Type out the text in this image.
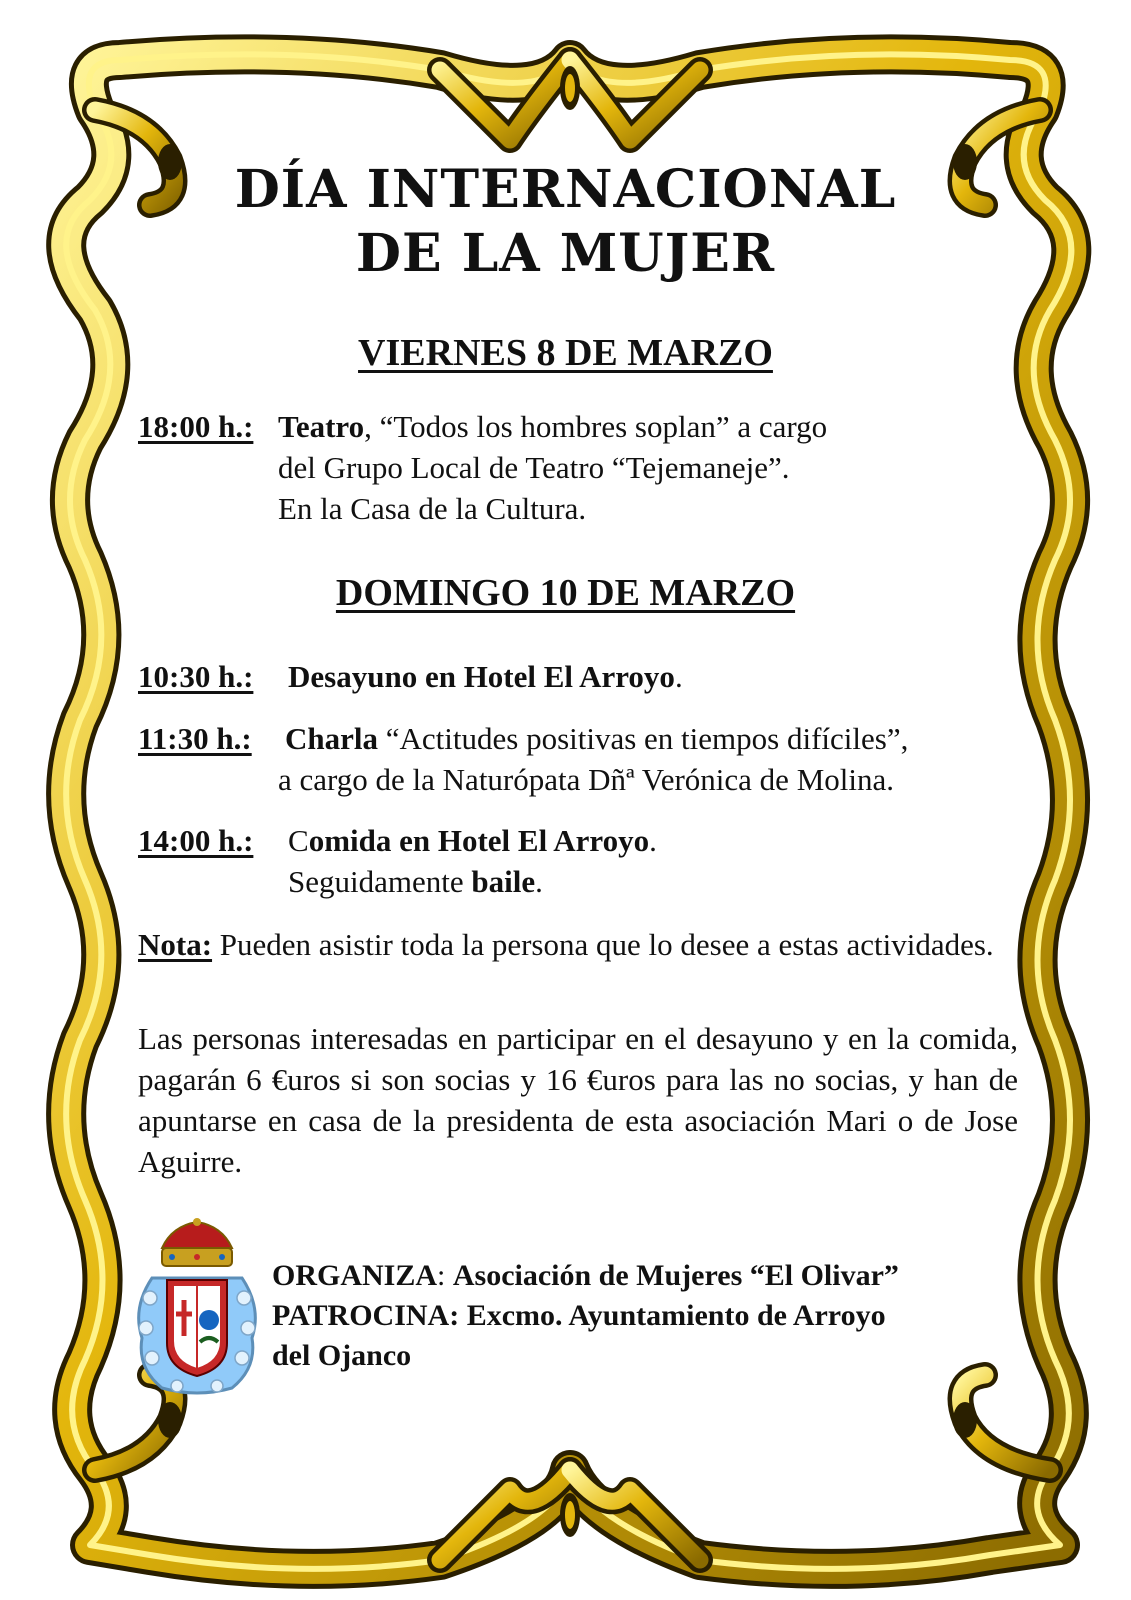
DÍA INTERNACIONAL
DE LA MUJER
VIERNES 8 DE MARZO
18:00 h.: Teatro, “Todos los hombres soplan” a cargo
del Grupo Local de Teatro “Tejemaneje”.
En la Casa de la Cultura.
DOMINGO 10 DE MARZO
10:30 h.: Desayuno en Hotel El Arroyo.
11:30 h.: Charla “Actitudes positivas en tiempos difíciles”,
a cargo de la Naturópata Dñª Verónica de Molina.
14:00 h.: Comida en Hotel El Arroyo.
Seguidamente baile.
Nota: Pueden asistir toda la persona que lo desee a estas actividades.
Las personas interesadas en participar en el desayuno y en la comida, pagarán 6 €uros si son socias y 16 €uros para las no socias, y han de apuntarse en casa de la presidenta de esta asociación Mari o de Jose Aguirre.
ORGANIZA: Asociación de Mujeres “El Olivar”
PATROCINA: Excmo. Ayuntamiento de Arroyo
del Ojanco
